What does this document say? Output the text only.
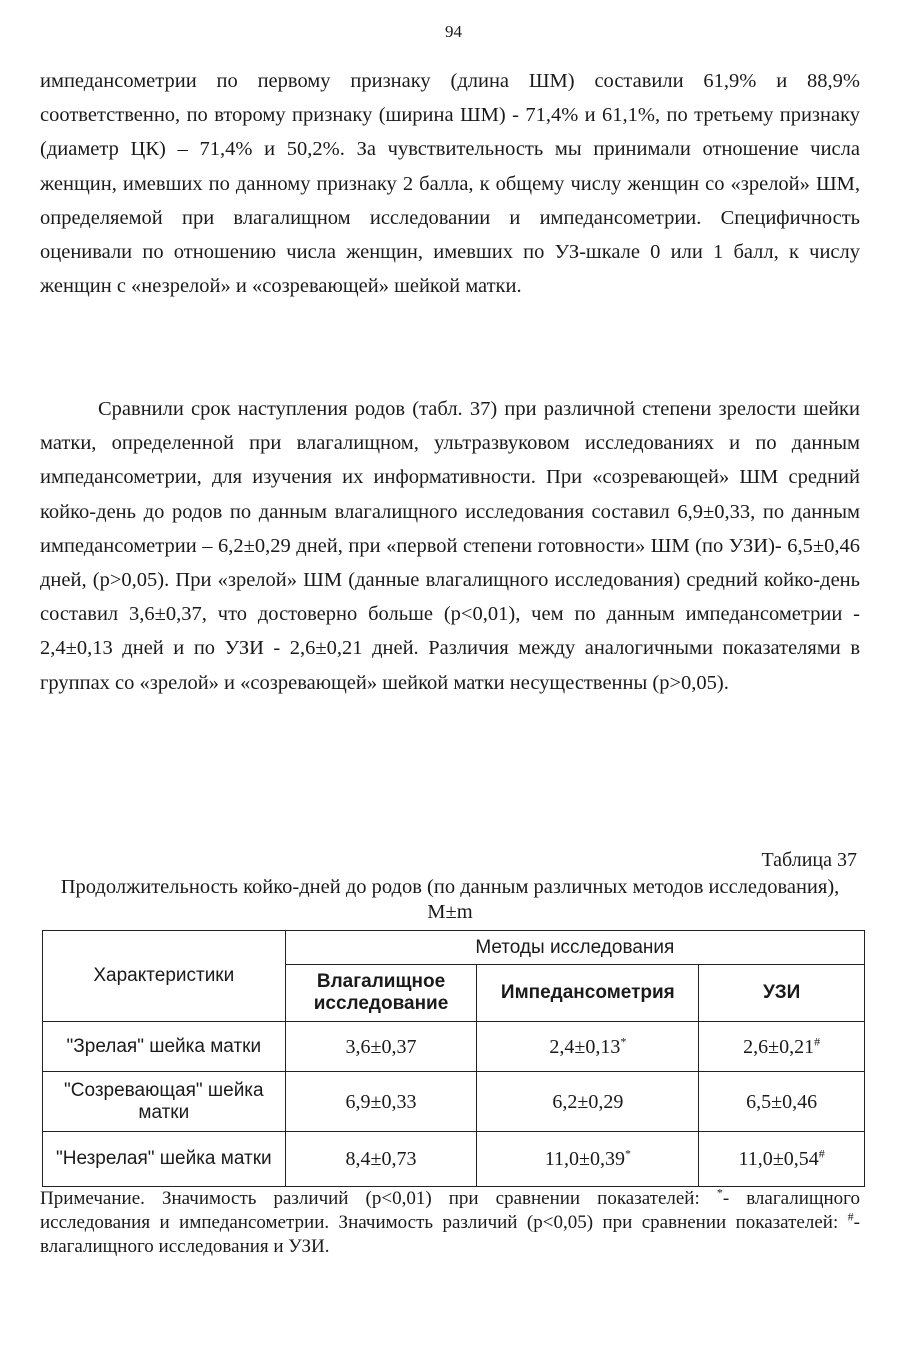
94

импедансометрии по первому признаку (длина ШМ) составили 61,9% и 88,9% соответственно, по второму признаку (ширина ШМ) - 71,4% и 61,1%, по третьему признаку (диаметр ЦК) – 71,4% и 50,2%. За чувствительность мы принимали отношение числа женщин, имевших по данному признаку 2 балла, к общему числу женщин со «зрелой» ШМ, определяемой при влагалищном исследовании и импедансометрии. Специфичность оценивали по отношению числа женщин, имевших по УЗ-шкале 0 или 1 балл, к числу женщин с «незрелой» и «созревающей» шейкой матки.

Сравнили срок наступления родов (табл. 37) при различной степени зрелости шейки матки, определенной при влагалищном, ультразвуковом исследованиях и по данным импедансометрии, для изучения их информативности. При «созревающей» ШМ средний койко-день до родов по данным влагалищного исследования составил 6,9±0,33, по данным импедансометрии – 6,2±0,29 дней, при «первой степени готовности» ШМ (по УЗИ)- 6,5±0,46 дней, (p>0,05). При «зрелой» ШМ (данные влагалищного исследования) средний койко-день составил 3,6±0,37, что достоверно больше (p<0,01), чем по данным импедансометрии - 2,4±0,13 дней и по УЗИ - 2,6±0,21 дней. Различия между аналогичными показателями в группах со «зрелой» и «созревающей» шейкой матки несущественны (p>0,05).

Таблица 37
Продолжительность койко-дней до родов (по данным различных методов исследования), M±m
Характеристики	Методы исследования		
	Влагалищное исследование	Импедансометрия	УЗИ
"Зрелая" шейка матки	3,6±0,37	2,4±0,13*	2,6±0,21#
"Созревающая" шейка матки	6,9±0,33	6,2±0,29	6,5±0,46
"Незрелая" шейка матки	8,4±0,73	11,0±0,39*	11,0±0,54#
Примечание. Значимость различий (p<0,01) при сравнении показателей: *- влагалищного исследования и импедансометрии. Значимость различий (p<0,05) при сравнении показателей: #- влагалищного исследования и УЗИ.
